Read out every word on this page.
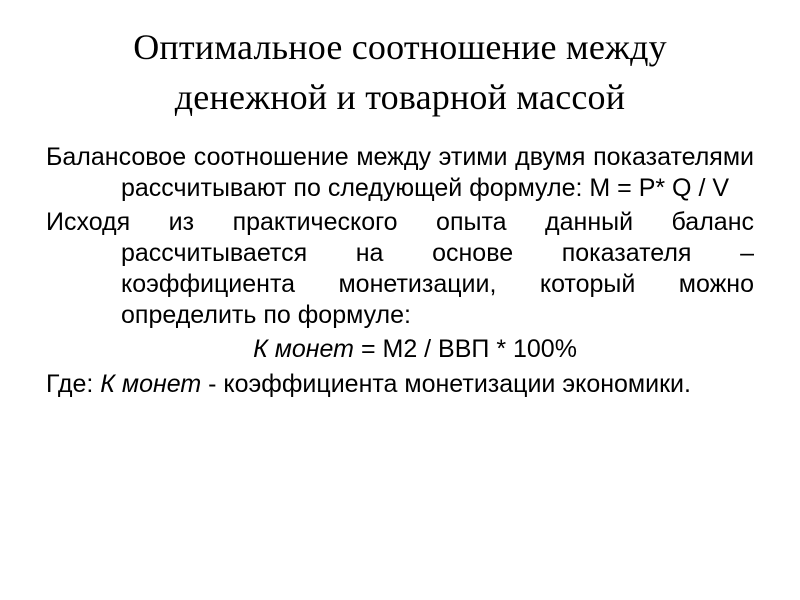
Оптимальное соотношение между
денежной и товарной массой

Балансовое соотношение между этими двумя показателями рассчитывают по следующей формуле: М = Р* Q / V

Исходя из практического опыта данный баланс рассчитывается на основе показателя – коэффициента монетизации, который можно определить по формуле:

К монет = М2 / ВВП * 100%

Где: К монет - коэффициента монетизации экономики.
